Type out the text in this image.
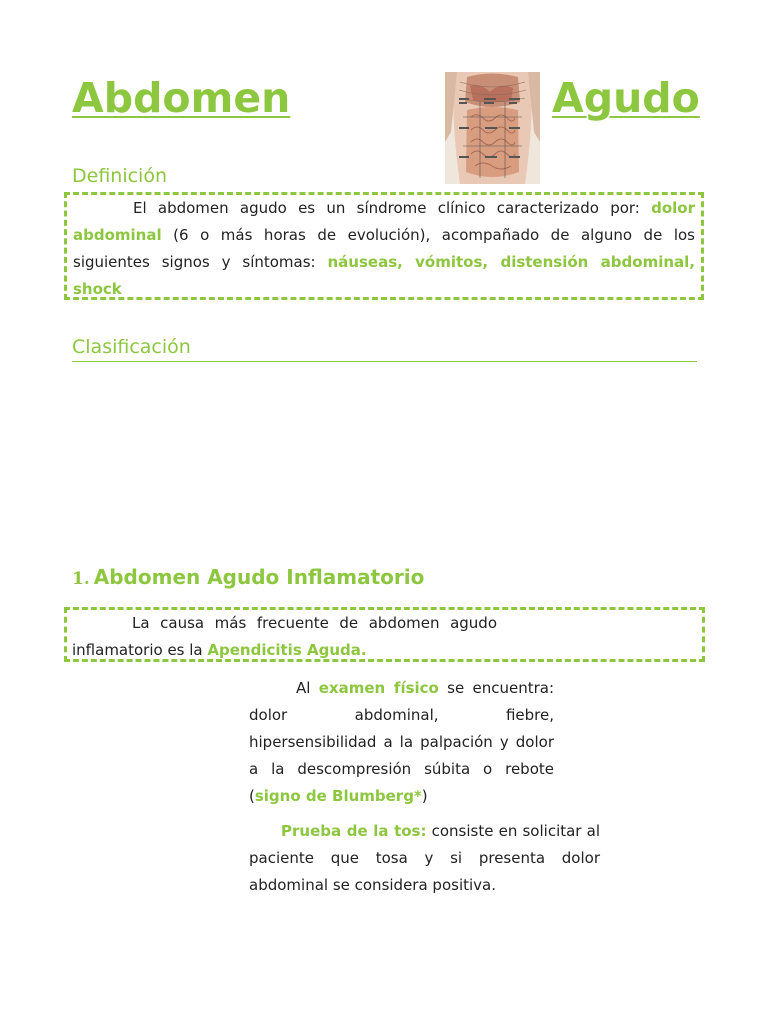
Abdomen	Agudo
Definición
El abdomen agudo es un síndrome clínico caracterizado por: dolor abdominal (6 o más horas de evolución), acompañado de alguno de los siguientes signos y síntomas: náuseas, vómitos, distensión abdominal, shock
Clasificación
1. Abdomen Agudo Inflamatorio
La causa más frecuente de abdomen agudo inflamatorio es la Apendicitis Aguda.
Al examen físico se encuentra: dolor abdominal, fiebre, hipersensibilidad a la palpación y dolor a la descompresión súbita o rebote (signo de Blumberg*)
Prueba de la tos: consiste en solicitar al paciente que tosa y si presenta dolor abdominal se considera positiva.
